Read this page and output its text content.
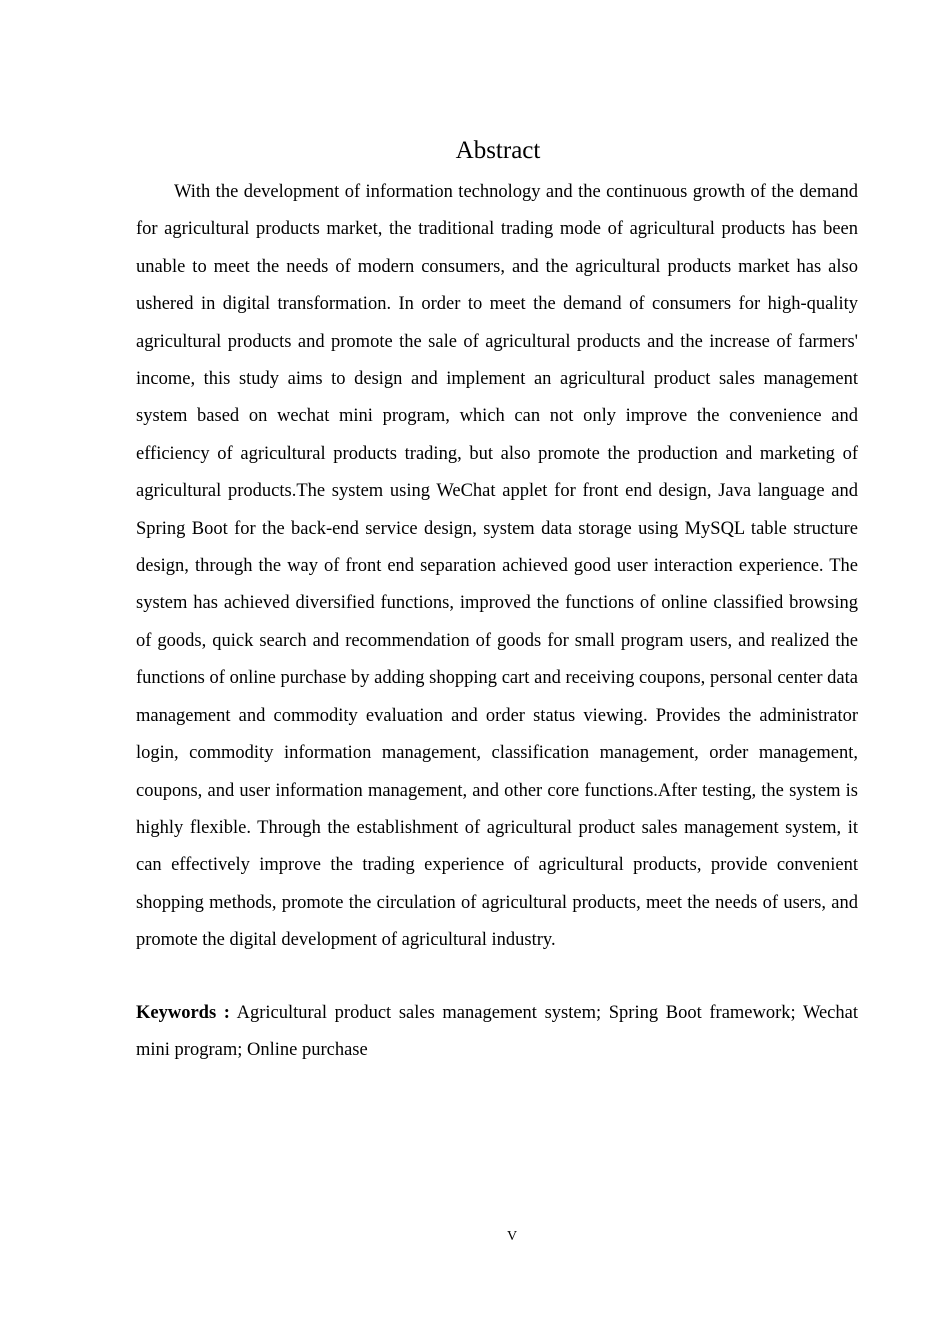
Abstract

With the development of information technology and the continuous growth of the demand for agricultural products market, the traditional trading mode of agricultural products has been unable to meet the needs of modern consumers, and the agricultural products market has also ushered in digital transformation. In order to meet the demand of consumers for high-quality agricultural products and promote the sale of agricultural products and the increase of farmers' income, this study aims to design and implement an agricultural product sales management system based on wechat mini program, which can not only improve the convenience and efficiency of agricultural products trading, but also promote the production and marketing of agricultural products.The system using WeChat applet for front end design, Java language and Spring Boot for the back-end service design, system data storage using MySQL table structure design, through the way of front end separation achieved good user interaction experience. The system has achieved diversified functions, improved the functions of online classified browsing of goods, quick search and recommendation of goods for small program users, and realized the functions of online purchase by adding shopping cart and receiving coupons, personal center data management and commodity evaluation and order status viewing. Provides the administrator login, commodity information management, classification management, order management, coupons, and user information management, and other core functions.After testing, the system is highly flexible. Through the establishment of agricultural product sales management system, it can effectively improve the trading experience of agricultural products, provide convenient shopping methods, promote the circulation of agricultural products, meet the needs of users, and promote the digital development of agricultural industry.

Keywords : Agricultural product sales management system; Spring Boot framework; Wechat mini program; Online purchase

V
